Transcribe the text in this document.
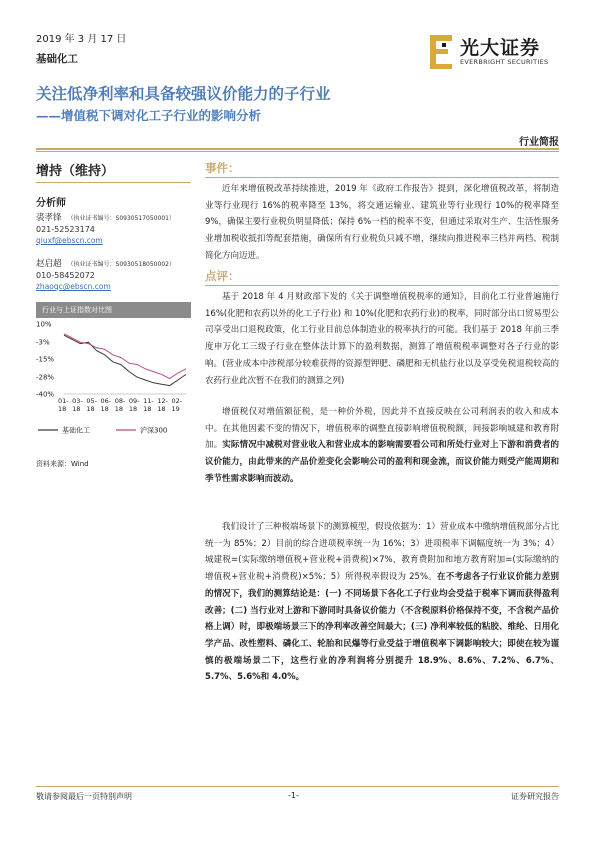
2019 年 3 月 17 日
基础化工	光大证券
EVERBRIGHT SECURITIES
关注低净利率和具备较强议价能力的子行业
——增值税下调对化工子行业的影响分析
行业简报
增持（维持）
分析师
裘孝锋 （执业证书编号：S0930517050001）
021-52523174
qiuxf@ebscn.com
赵启超 （执业证书编号：S0930518050002）
010-58452072
zhaoqc@ebscn.com
行业与上证指数对比图
10%
-3%
-15%
-28%
-40%
01-
18
03-
18
05-
18
06-
18
08-
18
09-
18
11-
18
12-
18
02-
19
基础化工	沪深300
资料来源：Wind
事件：
近年来增值税改革持续推进，2019 年《政府工作报告》提到，深化增值税改革，将制造业等行业现行 16%的税率降至 13%，将交通运输业、建筑业等行业现行 10%的税率降至 9%，确保主要行业税负明显降低；保持 6%一档的税率不变，但通过采取对生产、生活性服务业增加税收抵扣等配套措施，确保所有行业税负只减不增，继续向推进税率三档并两档、税制简化方向迈进。
点评：
基于 2018 年 4 月财政部下发的《关于调整增值税税率的通知》，目前化工行业普遍施行 16%(化肥和农药以外的化工子行业) 和 10%(化肥和农药行业)的税率，同时部分出口贸易型公司享受出口退税政策，化工行业目前总体制造业的税率执行的可能。我们基于 2018 年前三季度申万化工三级子行业在整体法计算下的盈利数据，测算了增值税税率调整对各子行业的影响。(营业成本中涉税部分较难获得的资源型钾肥、磷肥和无机盐行业以及享受免税退税较高的农药行业此次暂不在我们的测算之列)
增值税仅对增值额征税，是一种价外税，因此并不直接反映在公司利润表的收入和成本中。在其他因素不变的情况下，增值税率的调整直接影响增值税税额，间接影响城建和教育附加。实际情况中减税对营业收入和营业成本的影响需要看公司和所处行业对上下游和消费者的议价能力，由此带来的产品价差变化会影响公司的盈利和现金流，而议价能力则受产能周期和季节性需求影响而波动。
我们设计了三种极端场景下的测算模型，假设依据为：1）营业成本中缴纳增值税部分占比统一为 85%；2）目前的综合进项税率统一为 16%；3）进项税率下调幅度统一为 3%；4）城建税=(实际缴纳增值税+营业税+消费税)×7%，教育费附加和地方教育附加=(实际缴纳的增值税+营业税+消费税)×5%；5）所得税率假设为 25%。在不考虑各子行业议价能力差别的情况下，我们的测算结论是：(一) 不同场景下各化工子行业均会受益于税率下调而获得盈利改善；(二) 当行业对上游和下游同时具备议价能力（不含税原料价格保持不变，不含税产品价格上调）时，即极端场景三下的净利率改善空间最大；(三) 净利率较低的粘胶、维纶、日用化学产品、改性塑料、磷化工、轮胎和民爆等行业受益于增值税率下调影响较大；即使在较为谨慎的极端场景二下，这些行业的净利润将分别提升 18.9%、8.6%、7.2%、6.7%、5.7%、5.6%和 4.0%。
敬请参阅最后一页特别声明	-1-	证券研究报告
